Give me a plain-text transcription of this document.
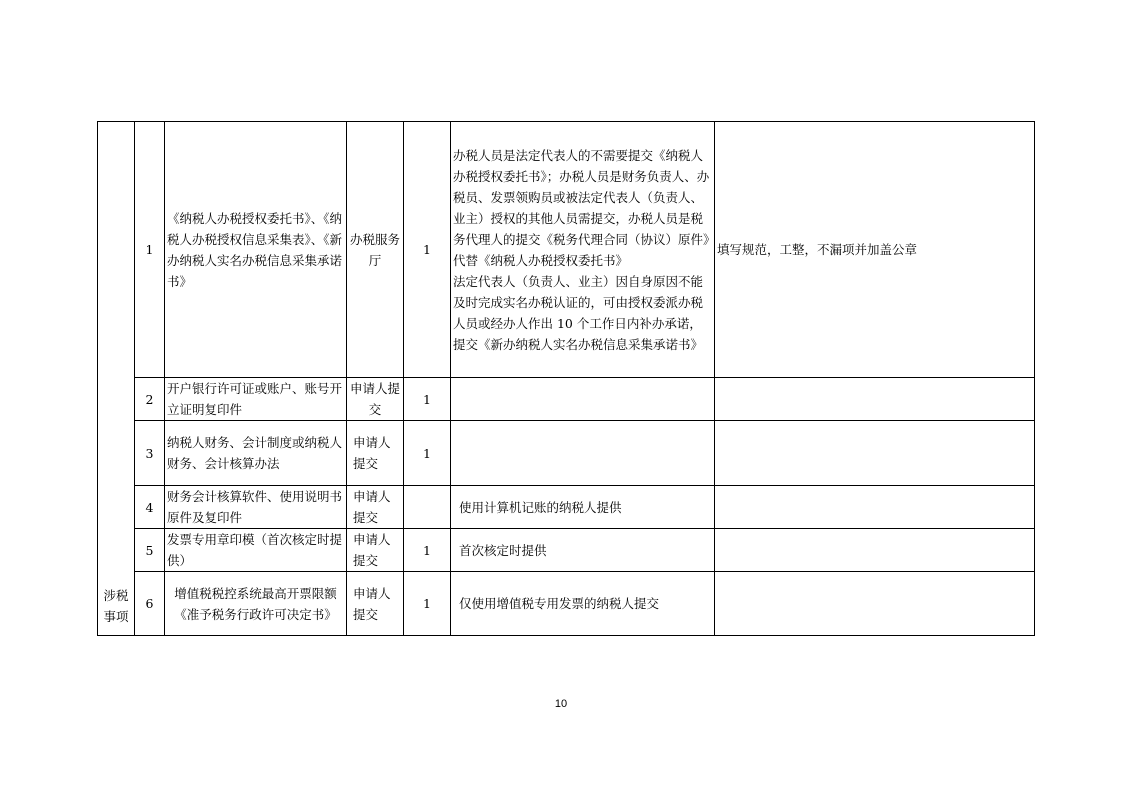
涉税事项	1	《纳税人办税授权委托书》、《纳税人办税授权信息采集表》、《新办纳税人实名办税信息采集承诺书》	办税服务厅	1	办税人员是法定代表人的不需要提交《纳税人办税授权委托书》；办税人员是财务负责人、办税员、发票领购员或被法定代表人（负责人、业主）授权的其他人员需提交，办税人员是税务代理人的提交《税务代理合同（协议）原件》代替《纳税人办税授权委托书》
法定代表人（负责人、业主）因自身原因不能及时完成实名办税认证的，可由授权委派办税人员或经办人作出 10 个工作日内补办承诺，提交《新办纳税人实名办税信息采集承诺书》	填写规范，工整，不漏项并加盖公章
	2	开户银行许可证或账户、账号开立证明复印件	申请人提交	1		
	3	纳税人财务、会计制度或纳税人财务、会计核算办法	申请人提交	1		
	4	财务会计核算软件、使用说明书原件及复印件	申请人提交		使用计算机记账的纳税人提供	
	5	发票专用章印模（首次核定时提供）	申请人提交	1	首次核定时提供	
	6	增值税税控系统最高开票限额《准予税务行政许可决定书》	申请人提交	1	仅使用增值税专用发票的纳税人提交	
10
